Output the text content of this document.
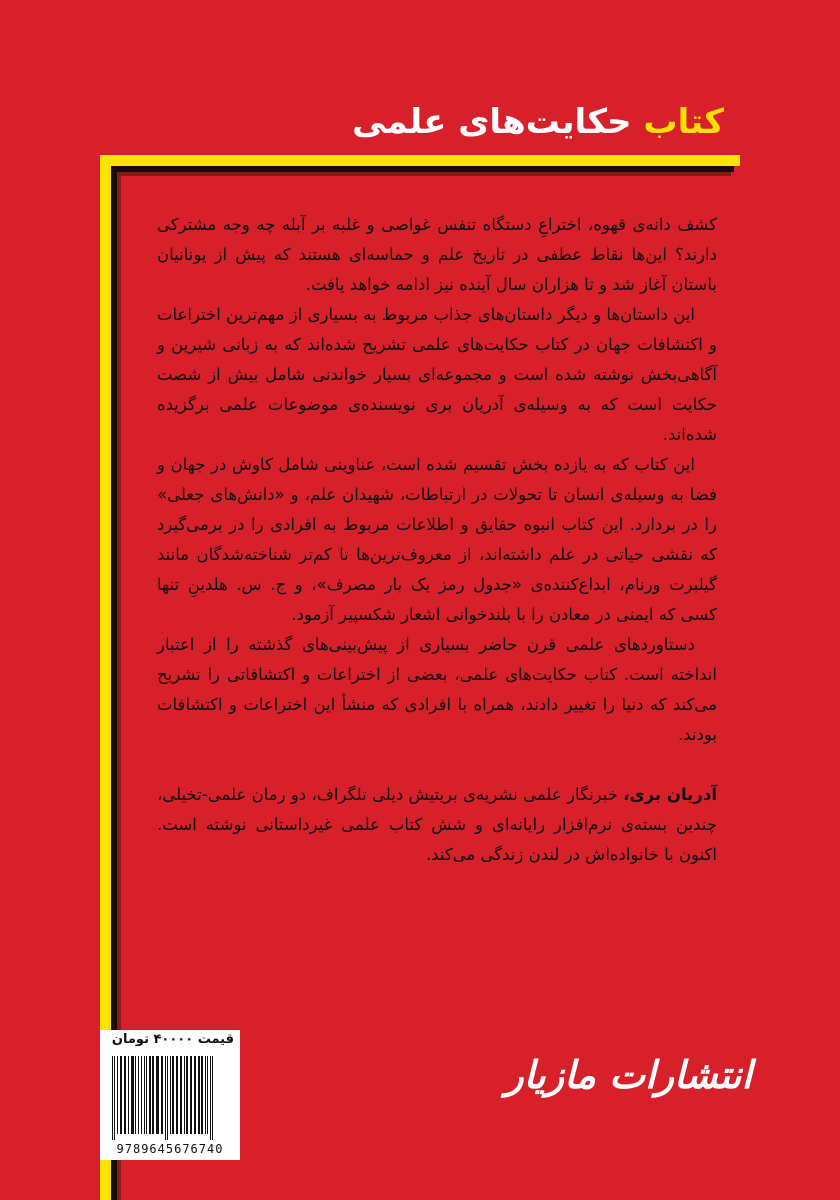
کتاب حکایت‌های علمی

کشف دانه‌ی قهوه، اختراعِ دستگاه تنفس غواصی و غلبه بر آبله چه وجه مشترکی دارند؟ این‌ها نقاط عطفی در تاریخ علم و حماسه‌ای هستند که پیش از یونانیان باستان آغاز شد و تا هزاران سال آینده نیز ادامه خواهد یافت.

این داستان‌ها و دیگر داستان‌های جذاب مربوط به بسیاری از مهم‌ترین اختراعات و اکتشافات جهان در کتاب حکایت‌های علمی تشریح شده‌اند که به زبانی شیرین و آگاهی‌بخش نوشته شده است و مجموعه‌ای بسیار خواندنی شامل بیش از شصت حکایت است که به وسیله‌ی آدریان بری نویسنده‌ی موضوعات علمی برگزیده شده‌اند.

این کتاب که به یازده بخش تقسیم شده است، عناوینی شامل کاوش در جهان و فضا به وسیله‌ی انسان تا تحولات در ارتباطات، شهیدان علم، و «دانش‌های جعلی» را در بردارد. این کتاب انبوه حقایق و اطلاعات مربوط به افرادی را در برمی‌گیرد که نقشی حیاتی در علم داشته‌اند، از معروف‌ترین‌ها تا کم‌تر شناخته‌شدگان مانند گیلبرت ورنام، ابداع‌کننده‌ی «جدول رمز یک بار مصرف»، و ج. س. هلدینِ تنها کسی که ایمنی در معادن را با بلندخوانی اشعار شکسپیر آزمود.

دستاوردهای علمی قرن حاضر بسیاری از پیش‌بینی‌های گذشته را از اعتبار انداخته است. کتاب حکایت‌های علمی، بعضی از اختراعات و اکتشافاتی را تشریح می‌کند که دنیا را تغییر دادند، همراه با افرادی که منشأ این اختراعات و اکتشافات بودند.

آدریان بری، خبرنگار علمی نشریه‌ی بریتیش دیلی تلگراف، دو رمان علمی-تخیلی، چندین بسته‌ی نرم‌افزار رایانه‌ای و شش کتاب علمی غیرداستانی نوشته است. اکنون با خانواده‌اش در لندن زندگی می‌کند.

قیمت ۴۰۰۰۰ تومان
9789645676740
انتشارات مازیار
